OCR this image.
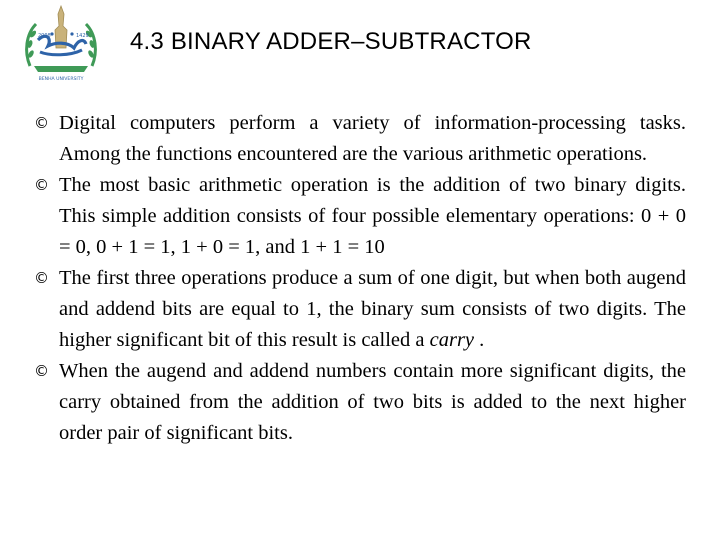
2008	1429
BENHA UNIVERSITY
4.3 BINARY ADDER–SUBTRACTOR
© Digital computers perform a variety of information-processing tasks. Among the functions encountered are the various arithmetic operations.
© The most basic arithmetic operation is the addition of two binary digits. This simple addition consists of four possible elementary operations: 0 + 0 = 0, 0 + 1 = 1, 1 + 0 = 1, and 1 + 1 = 10
© The first three operations produce a sum of one digit, but when both augend and addend bits are equal to 1, the binary sum consists of two digits. The higher significant bit of this result is called a carry .
© When the augend and addend numbers contain more significant digits, the carry obtained from the addition of two bits is added to the next higher order pair of significant bits.
